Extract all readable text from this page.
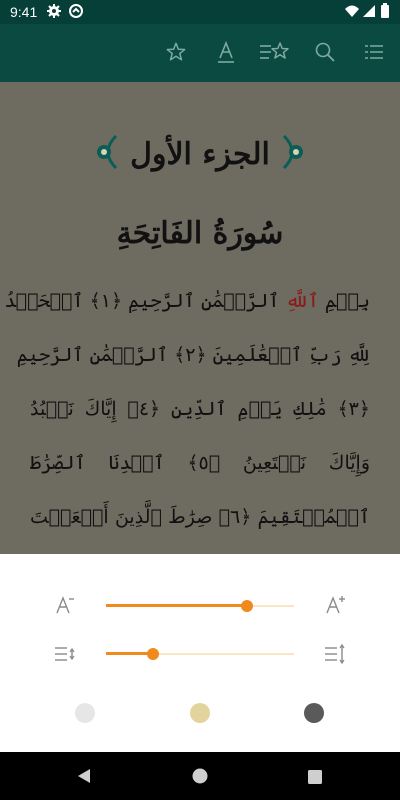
9:41
الجزء الأول
سُورَةُ الفَاتِحَةِ
بِسۡمِ ٱللَّهِ ٱلرَّحۡمَٰنِ ٱلرَّحِيمِ ﴿١﴾ ٱلۡحَمۡدُ
لِلَّهِ رَبِّ ٱلۡعَٰلَمِينَ ﴿٢﴾ ٱلرَّحۡمَٰنِ ٱلرَّحِيمِ
﴿٣﴾ مَٰلِكِ يَوۡمِ ٱلدِّينِ ﴿٤﴾ إِيَّاكَ نَعۡبُدُ
وَإِيَّاكَ نَسۡتَعِينُ ﴿٥﴾ ٱهۡدِنَا ٱلصِّرَٰطَ
ٱلۡمُسۡتَقِيمَ ﴿٦﴾ صِرَٰطَ ٱلَّذِينَ أَنۡعَمۡتَ
